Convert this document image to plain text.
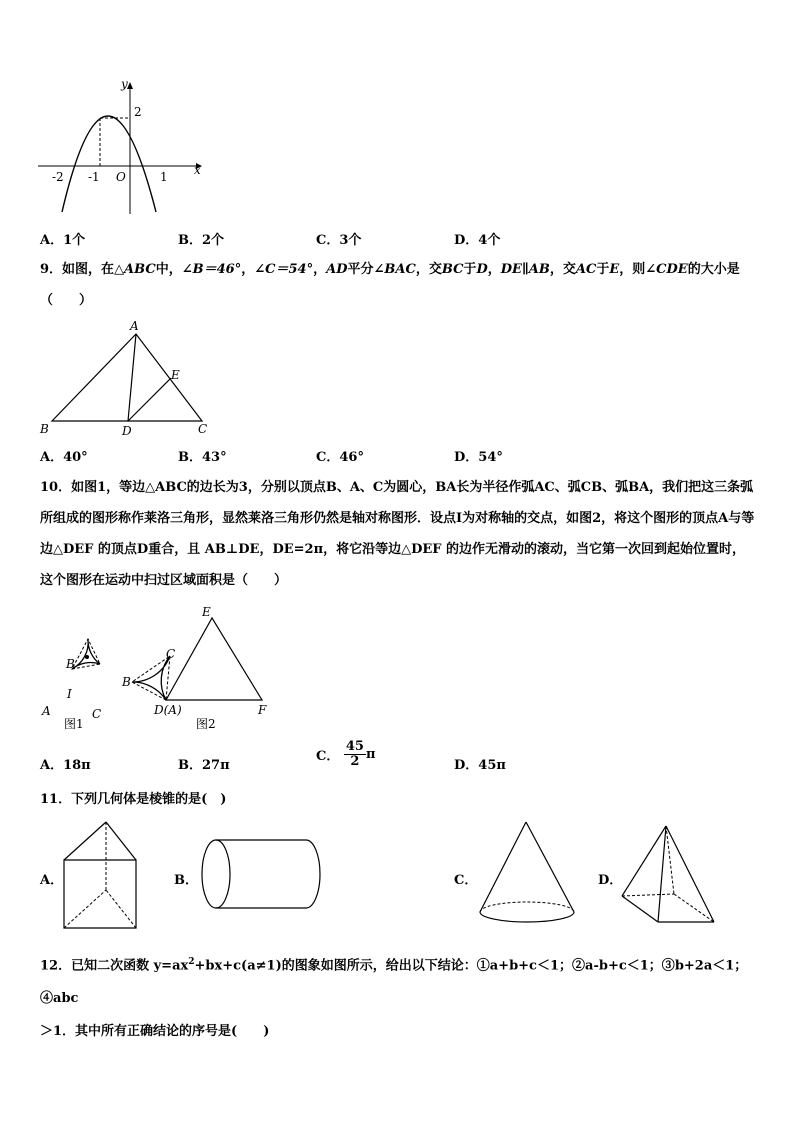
y
x
2
-2 -1 O	1
A．1个	B．2个	C．3个	D．4个
9．如图，在△ABC中，∠B＝46°，∠C＝54°，AD平分∠BAC，交BC于D，DE∥AB，交AC于E，则∠CDE的大小是
（　　）
A
B	C
D
E
A．40°	B．43°	C．46°	D．54°
10．如图1，等边△ABC的边长为3，分别以顶点B、A、C为圆心，BA长为半径作弧AC、弧CB、弧BA，我们把这三条弧所组成的图形称作莱洛三角形，显然莱洛三角形仍然是轴对称图形．设点I为对称轴的交点，如图2，将这个图形的顶点A与等边△DEF 的顶点D重合，且 AB⊥DE，DE=2π，将它沿等边△DEF 的边作无滑动的滚动，当它第一次回到起始位置时，这个图形在运动中扫过区域面积是（　　）
B
A	C
I
图1
E
C
B
D(A)	F
图2
A．18π	B．27π
C． $\frac{45}{2}$ π
D．45π
11．下列几何体是棱锥的是(　)
A．	B．	C．	D．
12．已知二次函数 $y=ax^2+bx+c(a\ne 1)$的图象如图所示，给出以下结论：①a+b+c＜1；②a-b+c＜1；③b+2a＜1；④abc
＞1．其中所有正确结论的序号是(　　)
